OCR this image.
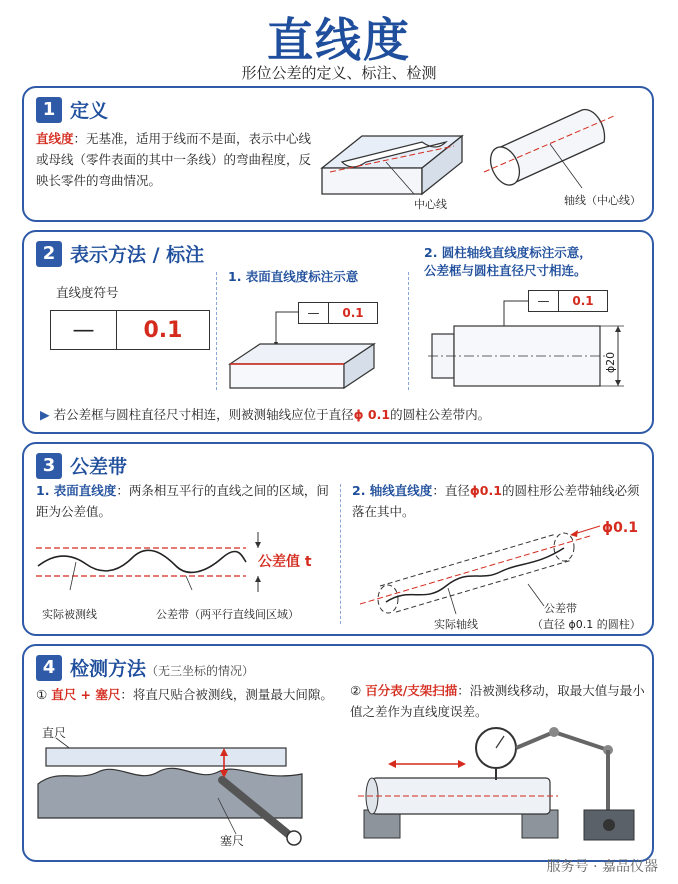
直线度
形位公差的定义、标注、检测
1 定义
直线度：无基准，适用于线而不是面，表示中心线或母线（零件表面的其中一条线）的弯曲程度，反映长零件的弯曲情况。
中心线	轴线（中心线）
2 表示方法 / 标注
直线度符号
—	0.1
1. 表面直线度标注示意
—	0.1
2. 圆柱轴线直线度标注示意，
公差框与圆柱直径尺寸相连。
—	0.1
ϕ20
▶ 若公差框与圆柱直径尺寸相连，则被测轴线应位于直径ϕ 0.1的圆柱公差带内。
3 公差带
1. 表面直线度：两条相互平行的直线之间的区域，间距为公差值。
公差值 t
实际被测线	公差带（两平行直线间区域）
2. 轴线直线度：直径ϕ0.1的圆柱形公差带轴线必须落在其中。
ϕ0.1
实际轴线
公差带
（直径 ϕ0.1 的圆柱）
4 检测方法（无三坐标的情况）
① 直尺 + 塞尺：将直尺贴合被测线，测量最大间隙。
直尺
塞尺
② 百分表/支架扫描：沿被测线移动，取最大值与最小值之差作为直线度误差。
服务号 · 嘉品仪器
